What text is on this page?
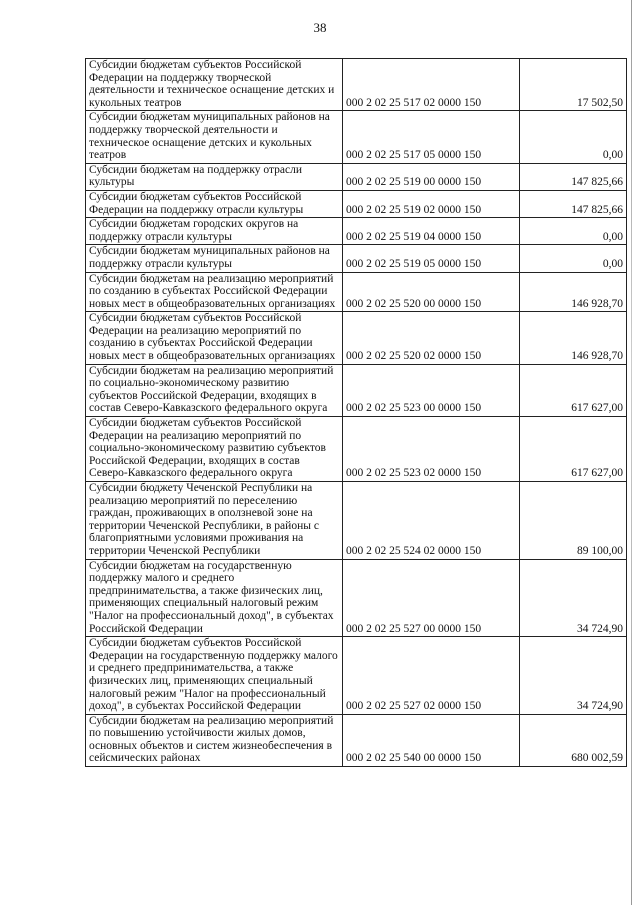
38
Субсидии бюджетам субъектов Российской Федерации на поддержку творческой деятельности и техническое оснащение детских и кукольных театров	000 2 02 25 517 02 0000 150	17 502,50
Субсидии бюджетам муниципальных районов на поддержку творческой деятельности и техническое оснащение детских и кукольных театров	000 2 02 25 517 05 0000 150	0,00
Субсидии бюджетам на поддержку отрасли культуры	000 2 02 25 519 00 0000 150	147 825,66
Субсидии бюджетам субъектов Российской Федерации на поддержку отрасли культуры	000 2 02 25 519 02 0000 150	147 825,66
Субсидии бюджетам городских округов на поддержку отрасли культуры	000 2 02 25 519 04 0000 150	0,00
Субсидии бюджетам муниципальных районов на поддержку отрасли культуры	000 2 02 25 519 05 0000 150	0,00
Субсидии бюджетам на реализацию мероприятий по созданию в субъектах Российской Федерации новых мест в общеобразовательных организациях	000 2 02 25 520 00 0000 150	146 928,70
Субсидии бюджетам субъектов Российской Федерации на реализацию мероприятий по созданию в субъектах Российской Федерации новых мест в общеобразовательных организациях	000 2 02 25 520 02 0000 150	146 928,70
Субсидии бюджетам на реализацию мероприятий по социально-экономическому развитию субъектов Российской Федерации, входящих в состав Северо-Кавказского федерального округа	000 2 02 25 523 00 0000 150	617 627,00
Субсидии бюджетам субъектов Российской Федерации на реализацию мероприятий по социально-экономическому развитию субъектов Российской Федерации, входящих в состав Северо-Кавказского федерального округа	000 2 02 25 523 02 0000 150	617 627,00
Субсидии бюджету Чеченской Республики на реализацию мероприятий по переселению граждан, проживающих в оползневой зоне на территории Чеченской Республики, в районы с благоприятными условиями проживания на территории Чеченской Республики	000 2 02 25 524 02 0000 150	89 100,00
Субсидии бюджетам на государственную поддержку малого и среднего предпринимательства, а также физических лиц, применяющих специальный налоговый режим "Налог на профессиональный доход", в субъектах Российской Федерации	000 2 02 25 527 00 0000 150	34 724,90
Субсидии бюджетам субъектов Российской Федерации на государственную поддержку малого и среднего предпринимательства, а также физических лиц, применяющих специальный налоговый режим "Налог на профессиональный доход", в субъектах Российской Федерации	000 2 02 25 527 02 0000 150	34 724,90
Субсидии бюджетам на реализацию мероприятий по повышению устойчивости жилых домов, основных объектов и систем жизнеобеспечения в сейсмических районах	000 2 02 25 540 00 0000 150	680 002,59
